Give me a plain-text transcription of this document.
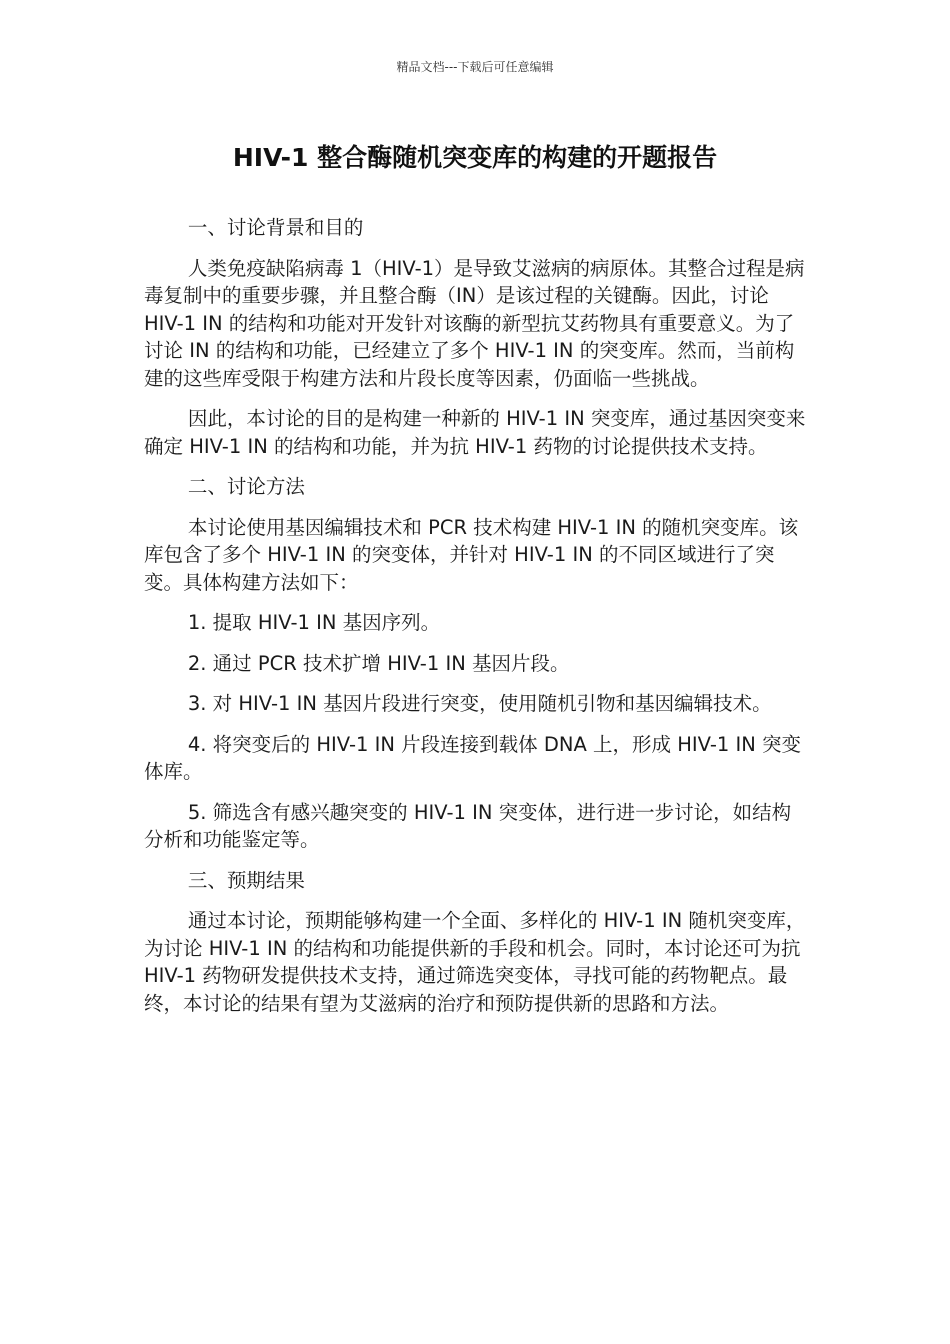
精品文档---下载后可任意编辑
HIV-1 整合酶随机突变库的构建的开题报告

一、讨论背景和目的

人类免疫缺陷病毒 1（HIV-1）是导致艾滋病的病原体。其整合过程是病毒复制中的重要步骤，并且整合酶（IN）是该过程的关键酶。因此，讨论 HIV-1 IN 的结构和功能对开发针对该酶的新型抗艾药物具有重要意义。为了讨论 IN 的结构和功能，已经建立了多个 HIV-1 IN 的突变库。然而，当前构建的这些库受限于构建方法和片段长度等因素，仍面临一些挑战。

因此，本讨论的目的是构建一种新的 HIV-1 IN 突变库，通过基因突变来确定 HIV-1 IN 的结构和功能，并为抗 HIV-1 药物的讨论提供技术支持。

二、讨论方法

本讨论使用基因编辑技术和 PCR 技术构建 HIV-1 IN 的随机突变库。该库包含了多个 HIV-1 IN 的突变体，并针对 HIV-1 IN 的不同区域进行了突变。具体构建方法如下：

1. 提取 HIV-1 IN 基因序列。

2. 通过 PCR 技术扩增 HIV-1 IN 基因片段。

3. 对 HIV-1 IN 基因片段进行突变，使用随机引物和基因编辑技术。

4. 将突变后的 HIV-1 IN 片段连接到载体 DNA 上，形成 HIV-1 IN 突变体库。

5. 筛选含有感兴趣突变的 HIV-1 IN 突变体，进行进一步讨论，如结构分析和功能鉴定等。

三、预期结果

通过本讨论，预期能够构建一个全面、多样化的 HIV-1 IN 随机突变库，为讨论 HIV-1 IN 的结构和功能提供新的手段和机会。同时，本讨论还可为抗 HIV-1 药物研发提供技术支持，通过筛选突变体，寻找可能的药物靶点。最终，本讨论的结果有望为艾滋病的治疗和预防提供新的思路和方法。
